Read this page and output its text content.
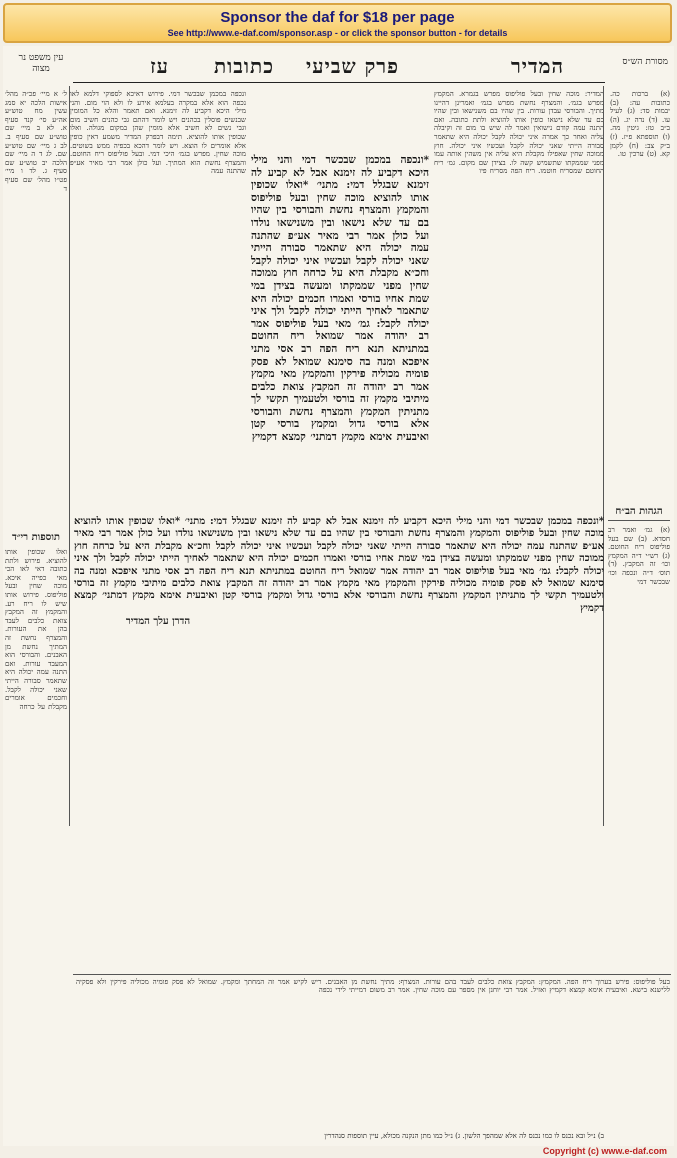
Sponsor the daf for $18 per page
See http://www.e-daf.com/sponsor.asp - or click the sponsor button - for details
מסורת הש״ס
עין משפט נר מצוה	המדיר
פרק שביעי
כתובות
עז
(א) ברכות כה. כתובות עה: (ב) יבמות סד: (ג) לעיל עו. (ד) נדה יג. (ה) ב״ב טז: גיטין מה. (ו) תוספתא פ״ז. (ז) ב״ק צב: (ח) לקמן קא. (ט) ערכין טו.
הגהות הב״ח
(א) גמ׳ ואמר רב חסדא. (ב) שם בעל פוליפוס ריח החוטם. (ג) רש״י ד״ה המקמץ וכו׳ זה המקבץ. (ד) תוס׳ ד״ה ונכפה וכו׳ שבכשר דמי
המדיר: מוכה שחין ובעל פוליפוס מפרש בגמרא. המקמץ מפרש בגמ׳. והמצרף נחשת מפרש בגמ׳ ואמרינן דהיינו מתיך. והבורסי עבדן עורות. בין שהיו בם משנישאו ובין שהיו בם עד שלא נישאו כופין אותו להוציא ולתת כתובה. ואם התנה עמה קודם נישואין ואמר לה שיש בו מום זה וקיבלה עליה ואחר כך אמרה איני יכולה לקבל יכולה היא שתאמר סבורה הייתי שאני יכולה לקבל ועכשיו איני יכולה. חוץ ממוכה שחין שאפילו מקבלת היא עליה אין משהין אותה עמו מפני שממקתו שתשמיש קשה לו. בצידן שם מקום. גמ׳ ריח החוטם שמסריח חוטמו. ריח הפה מסריח פיו
*ונכפה במכמן שבכשר דמי והני מילי היכא דקביע לה זימנא אבל לא קביע לה זימנא שבגלל דמי: מתני׳ *ואלו שכופין אותו להוציא מוכה שחין ובעל פוליפוס והמקמץ והמצרף נחשת והבורסי בין שהיו בם עד שלא נישאו ובין משנישאו נולדו ועל כולן אמר רבי מאיר אע״פ שהתנה עמה יכולה היא שתאמר סבורה הייתי שאני יכולה לקבל ועכשיו איני יכולה לקבל וחכ״א מקבלת היא על כרחה חוץ ממוכה שחין מפני שממקתו ומעשה בצידן במי שמת אחיו בורסי ואמרו חכמים יכולה היא שתאמר לאחיך הייתי יכולה לקבל ולך איני יכולה לקבל: גמ׳ מאי בעל פוליפוס אמר רב יהודה אמר שמואל ריח החוטם במתניתא תנא ריח הפה רב אסי מתני איפכא ומנה בה סימנא שמואל לא פסק פומיה מכוליה פירקין והמקמץ מאי מקמץ אמר רב יהודה זה המקבץ צואת כלבים מיתיבי מקמץ זה בורסי ולטעמיך תקשי לך מתניתין המקמץ והמצרף נחשת והבורסי אלא בורסי גדול ומקמץ בורסי קטן ואיבעית אימא מקמץ דמתני׳ קמצא דקמיץ
ונכפה במכמן שבכשר דמי. פירוש דאיכא לספוקי דלמא לאו נכפה הוא אלא במקרה בעלמא אירע לו ולא הוי מום. והני מילי היכא דקביע לה זימנא. ואם תאמר והלא כל המומין שבנשים פוסלין בכהנים ויש לומר דהתם גבי כהנים חשיב מום וגבי נשים לא חשיב אלא מומין שהן במקום מגולה. ואלו שכופין אותו להוציא. תימה דבפרק המדיר משמע דאין כופין אלא אומרים לו הוצא. ויש לומר דהכא בכפיה ממש בשוטים. מוכה שחין. מפרש בגמ׳ היכי דמי. ובעל פוליפוס ריח החוטם. והמצרף נחשת הוא המתיך. ועל כולן אמר רבי מאיר אע״פ שהתנה עמה
הדרן עלך המדיר
ל׳ א מיי׳ פכ״ה מהל׳ אישות הלכה יא סמג עשין מח טוש״ע אה״ע סי׳ קנד סעיף א. לא ב מיי׳ שם טוש״ע שם סעיף ב. לב ג מיי׳ שם טוש״ע שם. לג ד ה מיי׳ שם הלכה יב טוש״ע שם סעיף ג. לד ו מיי׳ פט״ו מהל׳ שם סעיף ד
תוספות רי״ד
ואלו שכופין אותו להוציא. פירוש ולתת כתובה דאי לאו הכי מאי כפייה איכא. מוכה שחין ובעל פוליפוס. פירוש אותו שיש לו ריח רע. והמקמץ זה המקבץ צואת כלבים לעבד בהן את העורות. והמצרף נחשת זה המתיך נחשת מן האבנים. והבורסי הוא המעבד עורות. ואם התנה עמה יכולה היא שתאמר סבורה הייתי שאני יכולה לקבל. וחכמים אומרים מקבלת על כרחה
*ונכפה במכמן שבכשר דמי והני מילי היכא דקביע לה זימנא אבל לא קביע לה זימנא שבגלל דמי: מתני׳ *ואלו שכופין אותו להוציא מוכה שחין ובעל פוליפוס והמקמץ והמצרף נחשת והבורסי בין שהיו בם עד שלא נישאו ובין משנישאו נולדו ועל כולן אמר רבי מאיר אע״פ שהתנה עמה יכולה היא שתאמר סבורה הייתי שאני יכולה לקבל ועכשיו איני יכולה לקבל וחכ״א מקבלת היא על כרחה חוץ ממוכה שחין מפני שממקתו ומעשה בצידן במי שמת אחיו בורסי ואמרו חכמים יכולה היא שתאמר לאחיך הייתי יכולה לקבל ולך איני יכולה לקבל: גמ׳ מאי בעל פוליפוס אמר רב יהודה אמר שמואל ריח החוטם במתניתא תנא ריח הפה רב אסי מתני איפכא ומנה בה סימנא שמואל לא פסק פומיה מכוליה פירקין והמקמץ מאי מקמץ אמר רב יהודה זה המקבץ צואת כלבים מיתיבי מקמץ זה בורסי ולטעמיך תקשי לך מתניתין המקמץ והמצרף נחשת והבורסי אלא בורסי גדול ומקמץ בורסי קטן ואיבעית אימא מקמץ דמתני׳ קמצא דקמיץ
בעל פוליפוס: פירש בערוך ריח הפה. המקמץ: המקבץ צואת כלבים לעבד בהם עורות. המצרף: מתיך נחשת מן האבנים. ריש לקיש אמר זה המחתך ומקמץ. שמואל לא פסק פומיה מכוליה פירקין ולא פסקיה ללישנא בישא. ואיבעית אימא קמצא דקמיץ ואזיל. אמר רבי יוחנן אין מספר עם מוכה שחין. אמר רב משום דמייתי לידי נכפה
ב) נ״ל ובא נכנס לו כמו נכנס לה אלא שמהפך הלשון. ג) נ״ל כמו מתן הנקנה מכולא, עיין תוספות סנהדרין
Copyright (c) www.e-daf.com
